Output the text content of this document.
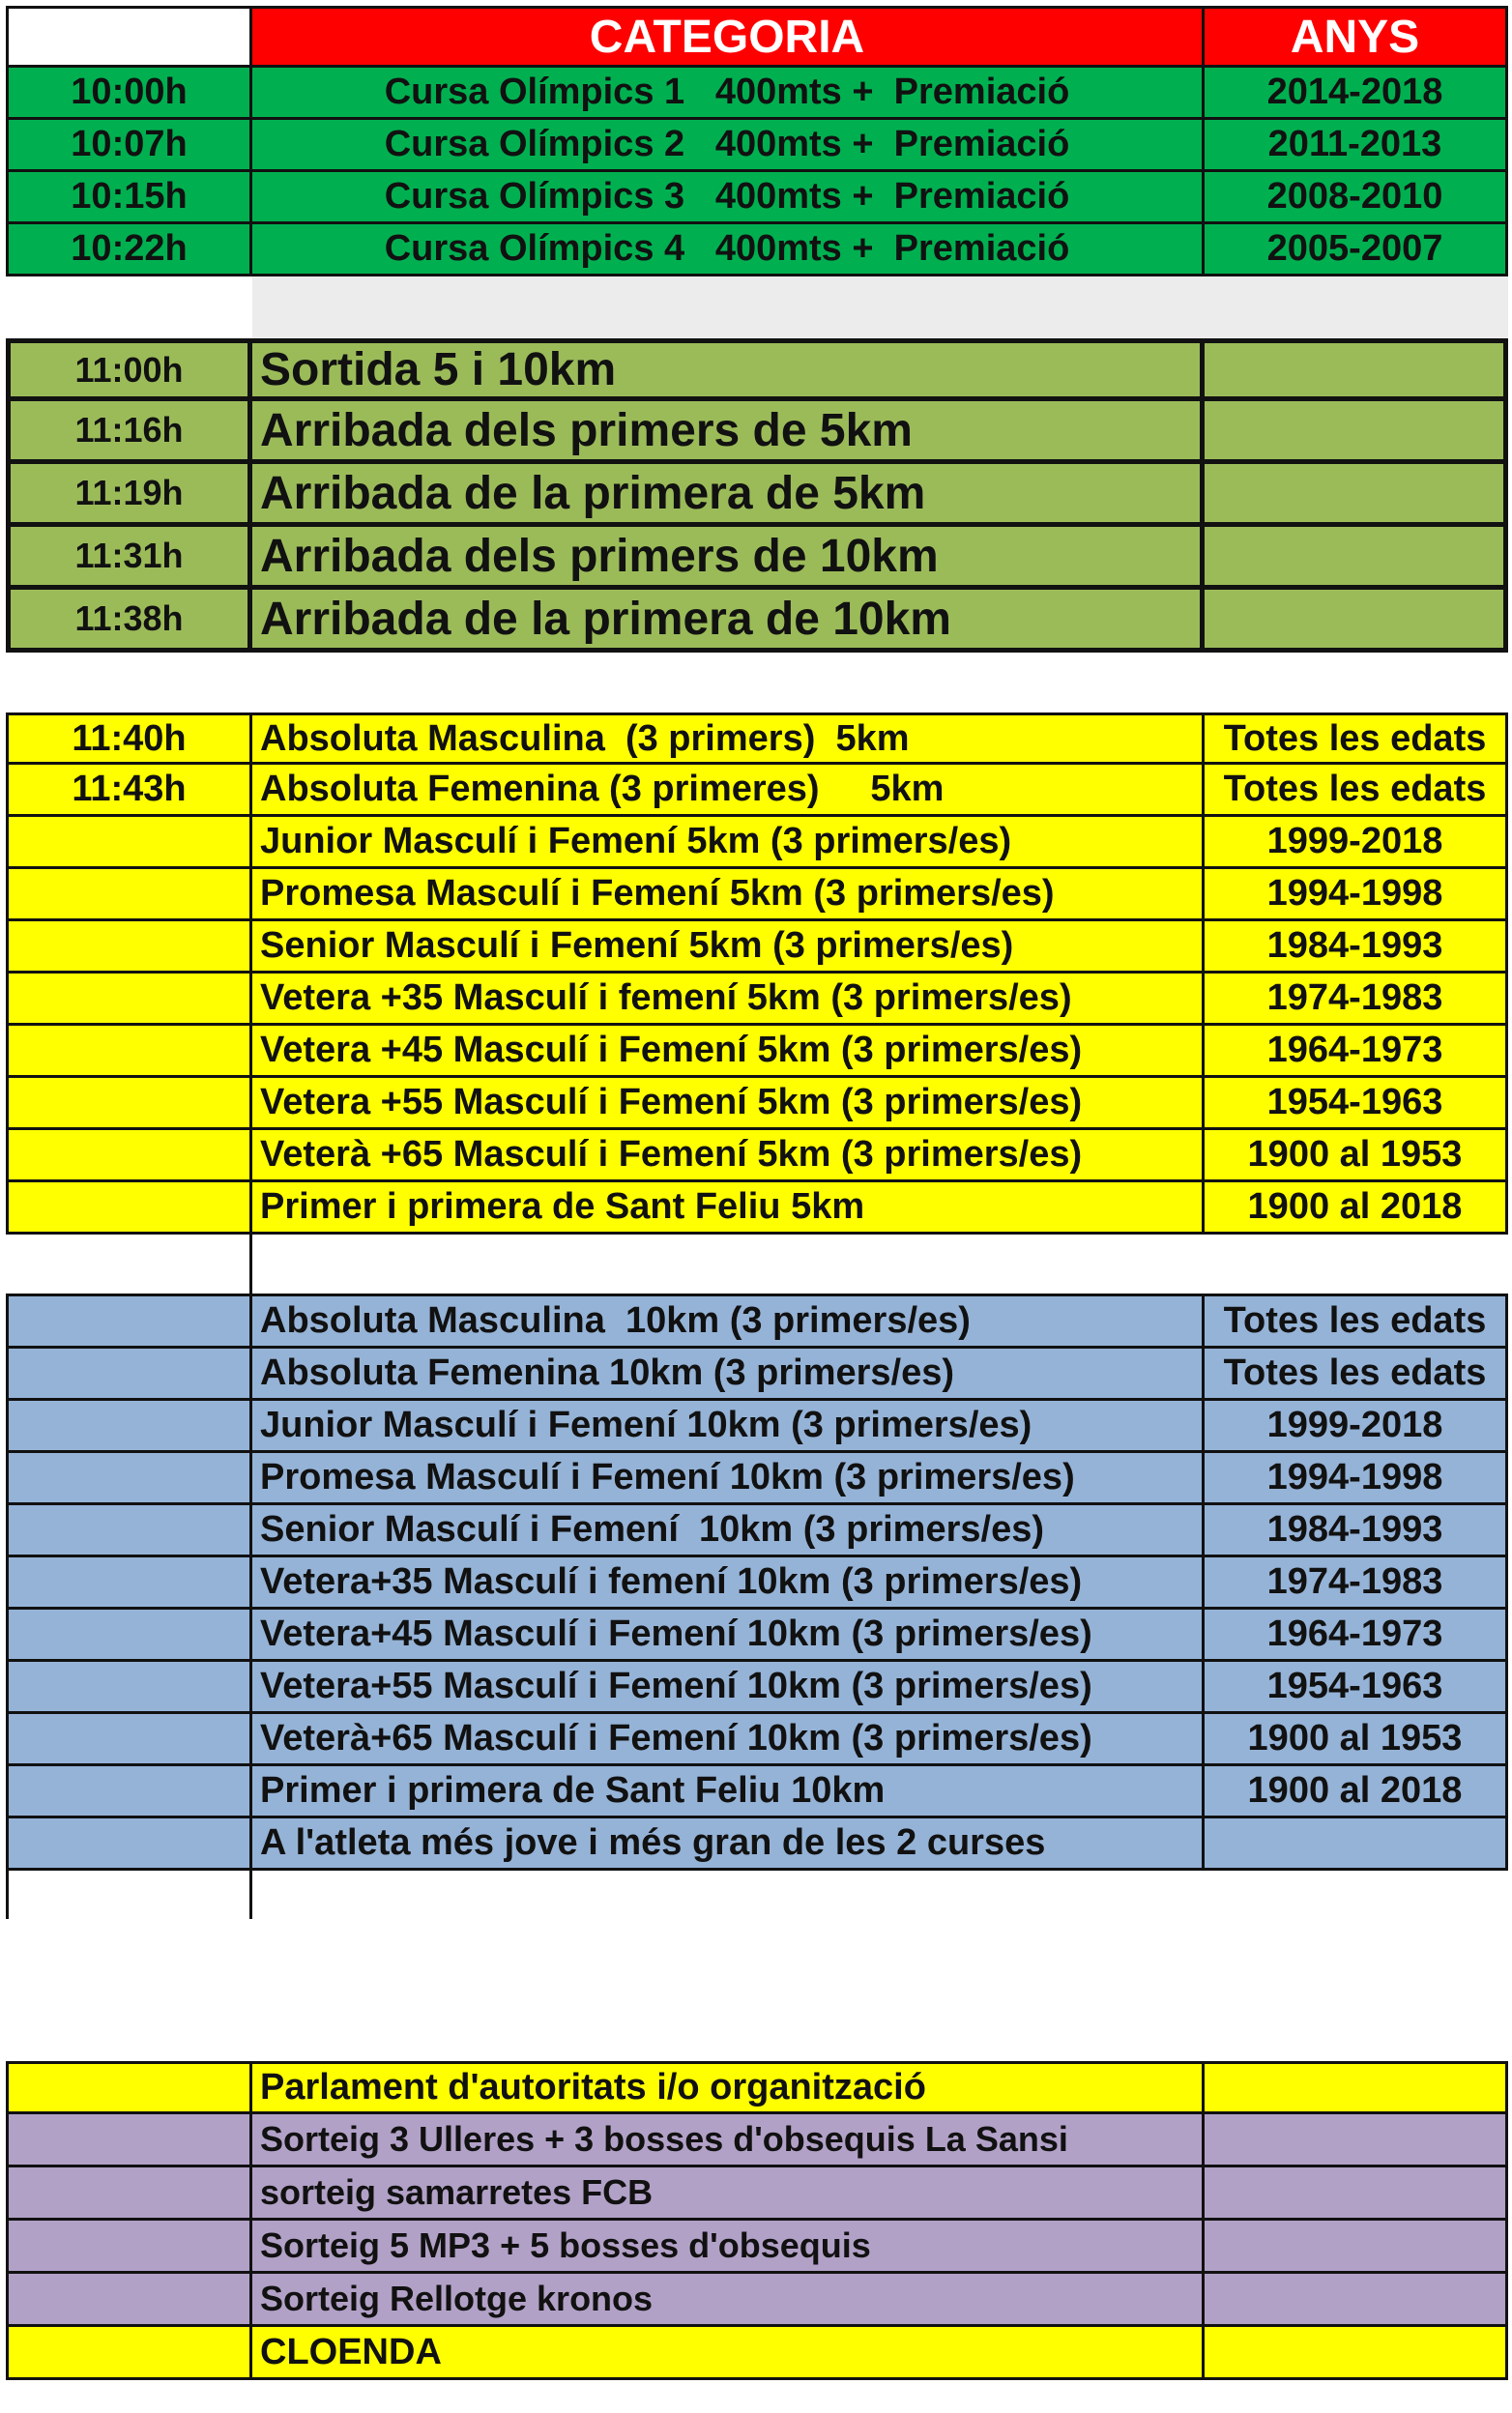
CATEGORIA	ANYS
10:00h	Cursa Olímpics 1   400mts +  Premiació	2014-2018
10:07h	Cursa Olímpics 2   400mts +  Premiació	2011-2013
10:15h	Cursa Olímpics 3   400mts +  Premiació	2008-2010
10:22h	Cursa Olímpics 4   400mts +  Premiació	2005-2007
11:00h	Sortida 5 i 10km
11:16h	Arribada dels primers de 5km
11:19h	Arribada de la primera de 5km
11:31h	Arribada dels primers de 10km
11:38h	Arribada de la primera de 10km
11:40h	Absoluta Masculina  (3 primers)  5km	Totes les edats
11:43h	Absoluta Femenina (3 primeres)     5km	Totes les edats
Junior Masculí i Femení 5km (3 primers/es)	1999-2018
Promesa Masculí i Femení 5km (3 primers/es)	1994-1998
Senior Masculí i Femení 5km (3 primers/es)	1984-1993
Vetera +35 Masculí i femení 5km (3 primers/es)	1974-1983
Vetera +45 Masculí i Femení 5km (3 primers/es)	1964-1973
Vetera +55 Masculí i Femení 5km (3 primers/es)	1954-1963
Veterà +65 Masculí i Femení 5km (3 primers/es)	1900 al 1953
Primer i primera de Sant Feliu 5km	1900 al 2018
Absoluta Masculina  10km (3 primers/es)	Totes les edats
Absoluta Femenina 10km (3 primers/es)	Totes les edats
Junior Masculí i Femení 10km (3 primers/es)	1999-2018
Promesa Masculí i Femení 10km (3 primers/es)	1994-1998
Senior Masculí i Femení  10km (3 primers/es)	1984-1993
Vetera+35 Masculí i femení 10km (3 primers/es)	1974-1983
Vetera+45 Masculí i Femení 10km (3 primers/es)	1964-1973
Vetera+55 Masculí i Femení 10km (3 primers/es)	1954-1963
Veterà+65 Masculí i Femení 10km (3 primers/es)	1900 al 1953
Primer i primera de Sant Feliu 10km	1900 al 2018
A l'atleta més jove i més gran de les 2 curses
Parlament d'autoritats i/o organització
Sorteig 3 Ulleres + 3 bosses d'obsequis La Sansi
sorteig samarretes FCB
Sorteig 5 MP3 + 5 bosses d'obsequis
Sorteig Rellotge kronos
CLOENDA
